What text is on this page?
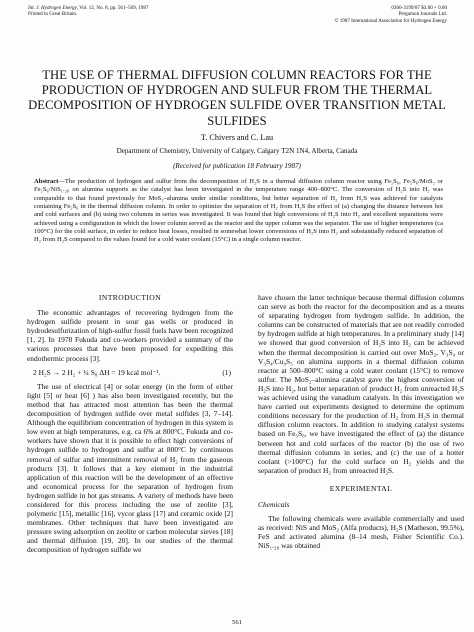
Int. J. Hydrogen Energy, Vol. 12, No. 8, pp. 561–569, 1987
Printed in Great Britain.
0360-3199/87 $3.00 + 0.00
Pergamon Journals Ltd.
© 1987 International Association for Hydrogen Energy
THE USE OF THERMAL DIFFUSION COLUMN REACTORS FOR THE
PRODUCTION OF HYDROGEN AND SULFUR FROM THE THERMAL
DECOMPOSITION OF HYDROGEN SULFIDE OVER TRANSITION METAL
SULFIDES
T. Chivers and C. Lau
Department of Chemistry, University of Calgary, Calgary T2N 1N4, Alberta, Canada
(Received for publication 18 February 1987)
Abstract—The production of hydrogen and sulfur from the decomposition of H₂S in a thermal diffusion column reactor using Fe₅S₆, Fe₅S₆/MoS₂ or Fe₅S₆/NiS₁.₂₀ on alumina supports as the catalyst has been investigated in the temperature range 400–800°C. The conversion of H₂S into H₂ was comparable to that found previously for MoS₂–alumina under similar conditions, but better separation of H₂ from H₂S was achieved for catalysts containing Fe₅S₆ in the thermal diffusion column. In order to optimize the separation of H₂ from H₂S the effect of (a) changing the distance between hot and cold surfaces and (b) using two columns in series was investigated. It was found that high conversions of H₂S into H₂ and excellent separations were achieved using a configuration in which the lower column served as the reactor and the upper column was the separator. The use of higher temperatures (ca 100°C) for the cold surface, in order to reduce heat losses, resulted in somewhat lower conversions of H₂S into H₂ and substantially reduced separation of H₂ from H₂S compared to the values found for a cold water coolant (15°C) in a single column reactor.
INTRODUCTION

The economic advantages of recovering hydrogen from the hydrogen sulfide present in sour gas wells or produced in hydrodesulfurization of high-sulfur fossil fuels have been recognized [1, 2]. In 1978 Fukuda and co-workers provided a summary of the various processes that have been proposed for expediting this endothermic process [3].

2 H₂S → 2 H₂ + ¼ S₈ ΔH = 19 kcal mol⁻¹.	(1)

The use of electrical [4] or solar energy (in the form of either light [5] or heat [6] ) has also been investigated recently, but the method that has attracted most attention has been the thermal decomposition of hydrogen sulfide over metal sulfides [3, 7–14]. Although the equilibrium concentration of hydrogen in this system is low even at high temperatures, e.g. ca 6% at 800°C, Fukuda and co-workers have shown that it is possible to effect high conversions of hydrogen sulfide to hydrogen and sulfur at 800°C by continuous removal of sulfur and intermittent removal of H₂ from the gaseous products [3]. It follows that a key element in the industrial application of this reaction will be the development of an effective and economical process for the separation of hydrogen from hydrogen sulfide in hot gas streams. A variety of methods have been considered for this process including the use of zeolite [3], polymeric [15], metallic [16], vycor glass [17] and ceramic oxide [2] membranes. Other techniques that have been investigated are pressure swing adsorption on zeolite or carbon molecular sieves [18] and thermal diffusion [19, 20]. In our studies of the thermal decomposition of hydrogen sulfide we

have chosen the latter technique because thermal diffusion columns can serve as both the reactor for the decomposition and as a means of separating hydrogen from hydrogen sulfide. In addition, the columns can be constructed of materials that are not readily corroded by hydrogen sulfide at high temperatures. In a preliminary study [14] we showed that good conversion of H₂S into H₂ can be achieved when the thermal decomposition is carried out over MoS₂, V₃S₄ or V₃S₄/Cu₉S₅ on alumina supports in a thermal diffusion column reactor at 500–800°C using a cold water coolant (15°C) to remove sulfur. The MoS₂–alumina catalyst gave the highest conversion of H₂S into H₂, but better separation of product H₂ from unreacted H₂S was achieved using the vanadium catalysts. In this investigation we have carried out experiments designed to determine the optimum conditions necessary for the production of H₂ from H₂S in thermal diffusion column reactors. In addition to studying catalyst systems based on Fe₅S₆, we have investigated the effect of (a) the distance between hot and cold surfaces of the reactor (b) the use of two thermal diffusion columns in series, and (c) the use of a hotter coolant (>100°C) for the cold surface on H₂ yields and the separation of product H₂ from unreacted H₂S.

EXPERIMENTAL
Chemicals

The following chemicals were available commercially and used as received: NiS and MoS₂ (Alfa products), H₂S (Matheson, 99.5%), FeS and activated alumina (8–14 mesh, Fisher Scientific Co.). NiS₁.₂₀ was obtained

561
